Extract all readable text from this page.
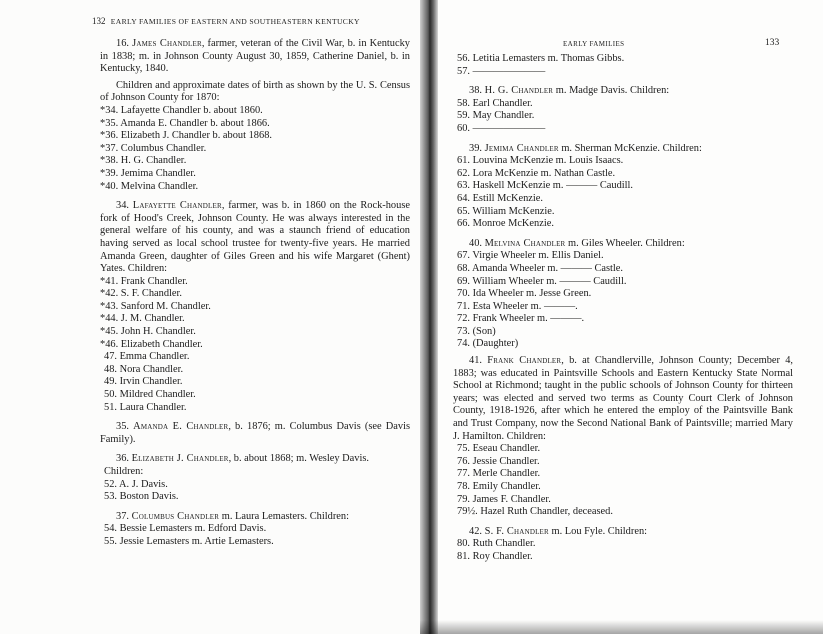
132 EARLY FAMILIES OF EASTERN AND SOUTHEASTERN KENTUCKY
16. James Chandler, farmer, veteran of the Civil War, b. in Kentucky in 1838; m. in Johnson County August 30, 1859, Catherine Daniel, b. in Kentucky, 1840.
Children and approximate dates of birth as shown by the U. S. Census of Johnson County for 1870:
*34. Lafayette Chandler b. about 1860.
*35. Amanda E. Chandler b. about 1866.
*36. Elizabeth J. Chandler b. about 1868.
*37. Columbus Chandler.
*38. H. G. Chandler.
*39. Jemima Chandler.
*40. Melvina Chandler.
34. Lafayette Chandler, farmer, was b. in 1860 on the Rock-house fork of Hood's Creek, Johnson County. He was always interested in the general welfare of his county, and was a staunch friend of education having served as local school trustee for twenty-five years. He married Amanda Green, daughter of Giles Green and his wife Margaret (Ghent) Yates. Children:
*41. Frank Chandler.
*42. S. F. Chandler.
*43. Sanford M. Chandler.
*44. J. M. Chandler.
*45. John H. Chandler.
*46. Elizabeth Chandler.
47. Emma Chandler.
48. Nora Chandler.
49. Irvin Chandler.
50. Mildred Chandler.
51. Laura Chandler.
35. Amanda E. Chandler, b. 1876; m. Columbus Davis (see Davis Family).
36. Elizabeth J. Chandler, b. about 1868; m. Wesley Davis.
Children:
52. A. J. Davis.
53. Boston Davis.
37. Columbus Chandler m. Laura Lemasters. Children:
54. Bessie Lemasters m. Edford Davis.
55. Jessie Lemasters m. Artie Lemasters.
EARLY FAMILIES	133
56. Letitia Lemasters m. Thomas Gibbs.
57. ———————
38. H. G. Chandler m. Madge Davis. Children:
58. Earl Chandler.
59. May Chandler.
60. ———————
39. Jemima Chandler m. Sherman McKenzie. Children:
61. Louvina McKenzie m. Louis Isaacs.
62. Lora McKenzie m. Nathan Castle.
63. Haskell McKenzie m. ——— Caudill.
64. Estill McKenzie.
65. William McKenzie.
66. Monroe McKenzie.
40. Melvina Chandler m. Giles Wheeler. Children:
67. Virgie Wheeler m. Ellis Daniel.
68. Amanda Wheeler m. ——— Castle.
69. William Wheeler m. ——— Caudill.
70. Ida Wheeler m. Jesse Green.
71. Esta Wheeler m. ———.
72. Frank Wheeler m. ———.
73. (Son)
74. (Daughter)
41. Frank Chandler, b. at Chandlerville, Johnson County; December 4, 1883; was educated in Paintsville Schools and Eastern Kentucky State Normal School at Richmond; taught in the public schools of Johnson County for thirteen years; was elected and served two terms as County Court Clerk of Johnson County, 1918-1926, after which he entered the employ of the Paintsville Bank and Trust Company, now the Second National Bank of Paintsville; married Mary J. Hamilton. Children:
75. Eseau Chandler.
76. Jessie Chandler.
77. Merle Chandler.
78. Emily Chandler.
79. James F. Chandler.
79½. Hazel Ruth Chandler, deceased.
42. S. F. Chandler m. Lou Fyle. Children:
80. Ruth Chandler.
81. Roy Chandler.
